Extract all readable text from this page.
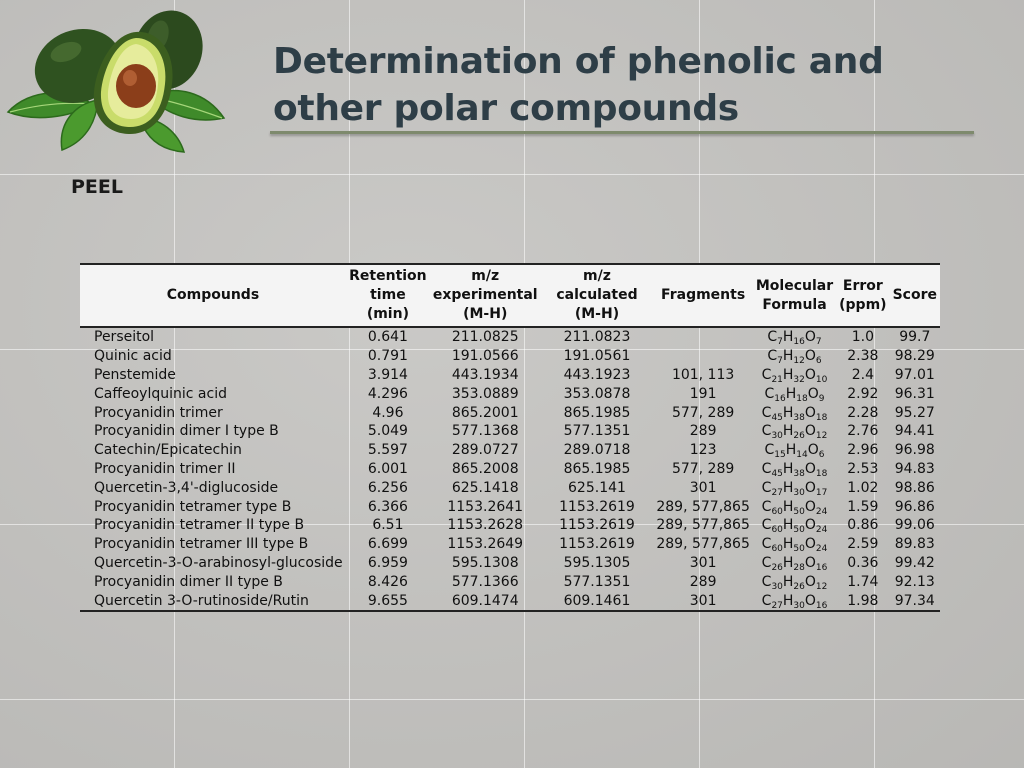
Determination of phenolic and other polar compounds
PEEL
Compounds	Retention time (min)	m/z experimental (M-H)	m/z calculated (M-H)	Fragments	Molecular Formula	Error (ppm)	Score
Perseitol	0.641	211.0825	211.0823		$C_7H_{16}O_7$	1.0	99.7
Quinic acid	0.791	191.0566	191.0561		$C_7H_{12}O_6$	2.38	98.29
Penstemide	3.914	443.1934	443.1923	101, 113	$C_{21}H_{32}O_{10}$	2.4	97.01
Caffeoylquinic acid	4.296	353.0889	353.0878	191	$C_{16}H_{18}O_9$	2.92	96.31
Procyanidin trimer	4.96	865.2001	865.1985	577, 289	$C_{45}H_{38}O_{18}$	2.28	95.27
Procyanidin dimer I type B	5.049	577.1368	577.1351	289	$C_{30}H_{26}O_{12}$	2.76	94.41
Catechin/Epicatechin	5.597	289.0727	289.0718	123	$C_{15}H_{14}O_6$	2.96	96.98
Procyanidin trimer II	6.001	865.2008	865.1985	577, 289	$C_{45}H_{38}O_{18}$	2.53	94.83
Quercetin-3,4'-diglucoside	6.256	625.1418	625.141	301	$C_{27}H_{30}O_{17}$	1.02	98.86
Procyanidin tetramer type B	6.366	1153.2641	1153.2619	289, 577,865	$C_{60}H_{50}O_{24}$	1.59	96.86
Procyanidin tetramer II type B	6.51	1153.2628	1153.2619	289, 577,865	$C_{60}H_{50}O_{24}$	0.86	99.06
Procyanidin tetramer III type B	6.699	1153.2649	1153.2619	289, 577,865	$C_{60}H_{50}O_{24}$	2.59	89.83
Quercetin-3-O-arabinosyl-glucoside	6.959	595.1308	595.1305	301	$C_{26}H_{28}O_{16}$	0.36	99.42
Procyanidin dimer II type B	8.426	577.1366	577.1351	289	$C_{30}H_{26}O_{12}$	1.74	92.13
Quercetin 3-O-rutinoside/Rutin	9.655	609.1474	609.1461	301	$C_{27}H_{30}O_{16}$	1.98	97.34
